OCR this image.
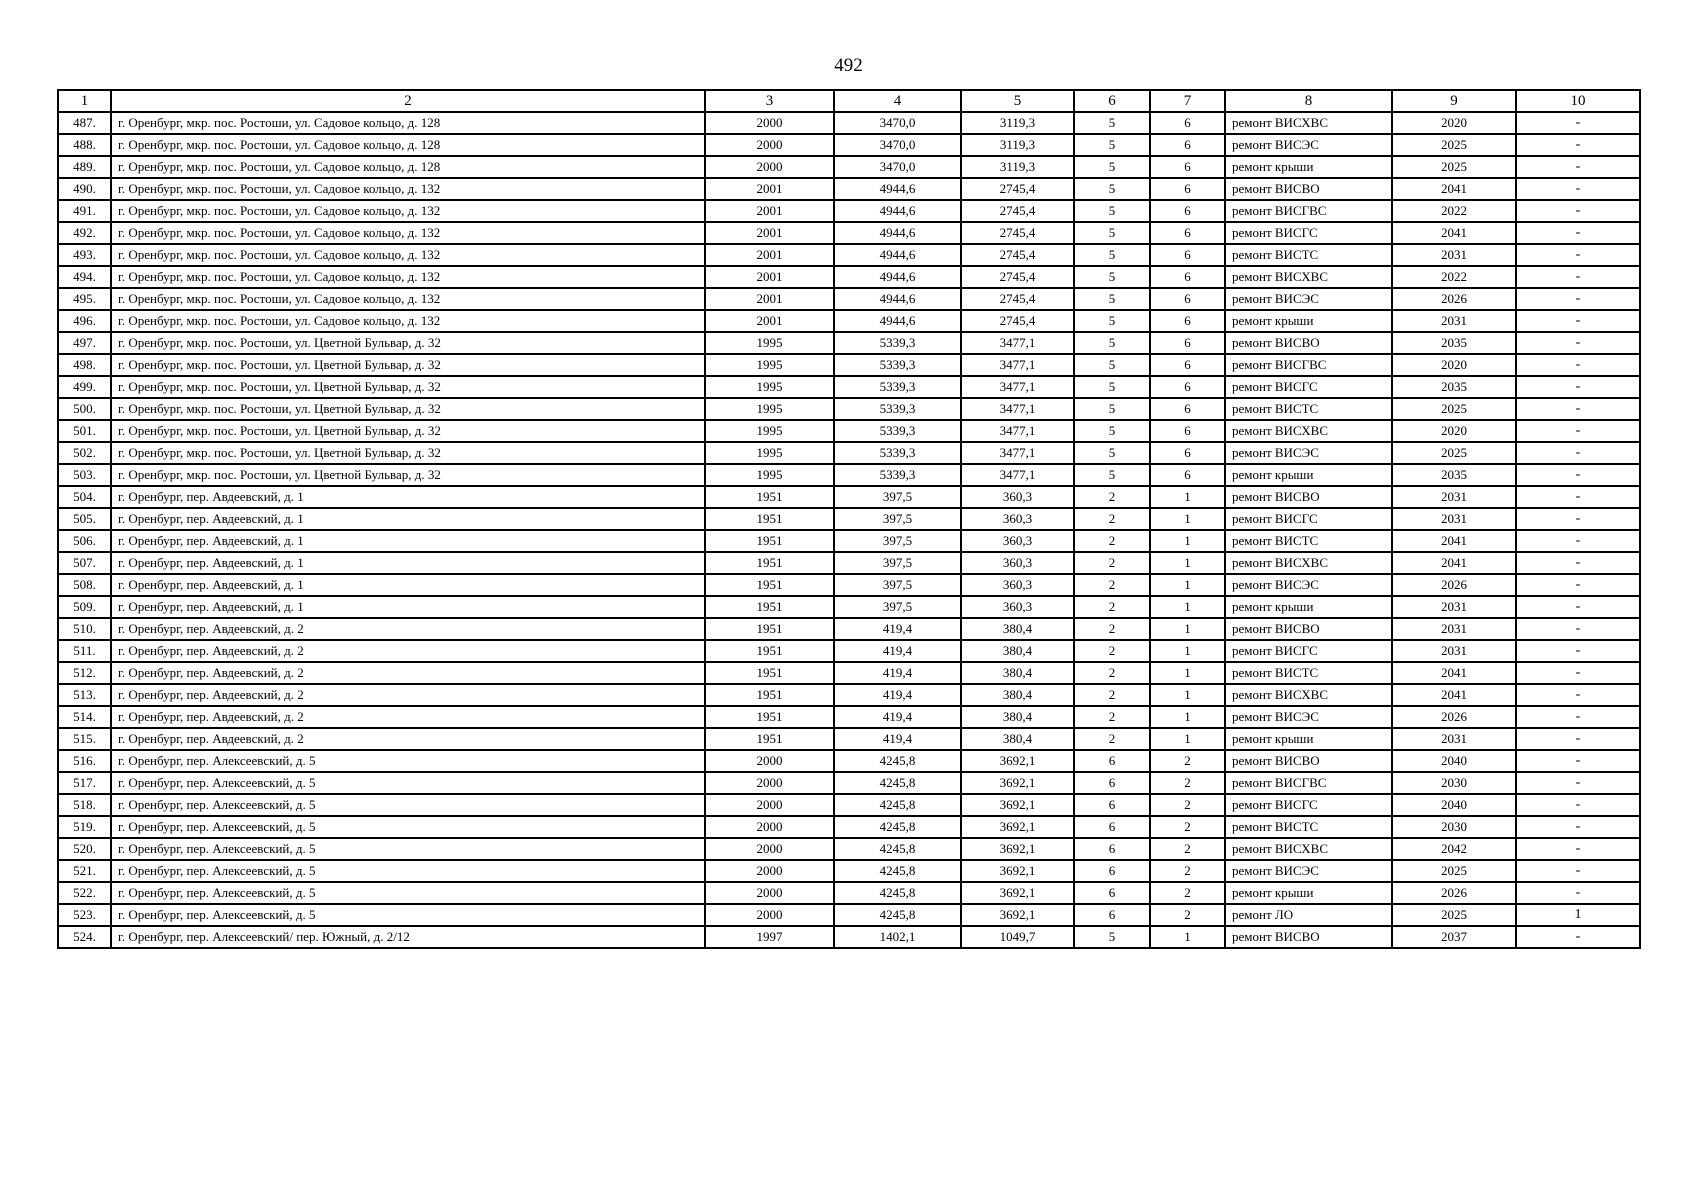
492
1	2	3	4	5	6	7	8	9	10
487.	г. Оренбург, мкр. пос. Ростоши, ул. Садовое кольцо, д. 128	2000	3470,0	3119,3	5	6	ремонт ВИСХВС	2020	-
488.	г. Оренбург, мкр. пос. Ростоши, ул. Садовое кольцо, д. 128	2000	3470,0	3119,3	5	6	ремонт ВИСЭС	2025	-
489.	г. Оренбург, мкр. пос. Ростоши, ул. Садовое кольцо, д. 128	2000	3470,0	3119,3	5	6	ремонт крыши	2025	-
490.	г. Оренбург, мкр. пос. Ростоши, ул. Садовое кольцо, д. 132	2001	4944,6	2745,4	5	6	ремонт ВИСВО	2041	-
491.	г. Оренбург, мкр. пос. Ростоши, ул. Садовое кольцо, д. 132	2001	4944,6	2745,4	5	6	ремонт ВИСГВС	2022	-
492.	г. Оренбург, мкр. пос. Ростоши, ул. Садовое кольцо, д. 132	2001	4944,6	2745,4	5	6	ремонт ВИСГС	2041	-
493.	г. Оренбург, мкр. пос. Ростоши, ул. Садовое кольцо, д. 132	2001	4944,6	2745,4	5	6	ремонт ВИСТС	2031	-
494.	г. Оренбург, мкр. пос. Ростоши, ул. Садовое кольцо, д. 132	2001	4944,6	2745,4	5	6	ремонт ВИСХВС	2022	-
495.	г. Оренбург, мкр. пос. Ростоши, ул. Садовое кольцо, д. 132	2001	4944,6	2745,4	5	6	ремонт ВИСЭС	2026	-
496.	г. Оренбург, мкр. пос. Ростоши, ул. Садовое кольцо, д. 132	2001	4944,6	2745,4	5	6	ремонт крыши	2031	-
497.	г. Оренбург, мкр. пос. Ростоши, ул. Цветной Бульвар, д. 32	1995	5339,3	3477,1	5	6	ремонт ВИСВО	2035	-
498.	г. Оренбург, мкр. пос. Ростоши, ул. Цветной Бульвар, д. 32	1995	5339,3	3477,1	5	6	ремонт ВИСГВС	2020	-
499.	г. Оренбург, мкр. пос. Ростоши, ул. Цветной Бульвар, д. 32	1995	5339,3	3477,1	5	6	ремонт ВИСГС	2035	-
500.	г. Оренбург, мкр. пос. Ростоши, ул. Цветной Бульвар, д. 32	1995	5339,3	3477,1	5	6	ремонт ВИСТС	2025	-
501.	г. Оренбург, мкр. пос. Ростоши, ул. Цветной Бульвар, д. 32	1995	5339,3	3477,1	5	6	ремонт ВИСХВС	2020	-
502.	г. Оренбург, мкр. пос. Ростоши, ул. Цветной Бульвар, д. 32	1995	5339,3	3477,1	5	6	ремонт ВИСЭС	2025	-
503.	г. Оренбург, мкр. пос. Ростоши, ул. Цветной Бульвар, д. 32	1995	5339,3	3477,1	5	6	ремонт крыши	2035	-
504.	г. Оренбург, пер. Авдеевский, д. 1	1951	397,5	360,3	2	1	ремонт ВИСВО	2031	-
505.	г. Оренбург, пер. Авдеевский, д. 1	1951	397,5	360,3	2	1	ремонт ВИСГС	2031	-
506.	г. Оренбург, пер. Авдеевский, д. 1	1951	397,5	360,3	2	1	ремонт ВИСТС	2041	-
507.	г. Оренбург, пер. Авдеевский, д. 1	1951	397,5	360,3	2	1	ремонт ВИСХВС	2041	-
508.	г. Оренбург, пер. Авдеевский, д. 1	1951	397,5	360,3	2	1	ремонт ВИСЭС	2026	-
509.	г. Оренбург, пер. Авдеевский, д. 1	1951	397,5	360,3	2	1	ремонт крыши	2031	-
510.	г. Оренбург, пер. Авдеевский, д. 2	1951	419,4	380,4	2	1	ремонт ВИСВО	2031	-
511.	г. Оренбург, пер. Авдеевский, д. 2	1951	419,4	380,4	2	1	ремонт ВИСГС	2031	-
512.	г. Оренбург, пер. Авдеевский, д. 2	1951	419,4	380,4	2	1	ремонт ВИСТС	2041	-
513.	г. Оренбург, пер. Авдеевский, д. 2	1951	419,4	380,4	2	1	ремонт ВИСХВС	2041	-
514.	г. Оренбург, пер. Авдеевский, д. 2	1951	419,4	380,4	2	1	ремонт ВИСЭС	2026	-
515.	г. Оренбург, пер. Авдеевский, д. 2	1951	419,4	380,4	2	1	ремонт крыши	2031	-
516.	г. Оренбург, пер. Алексеевский, д. 5	2000	4245,8	3692,1	6	2	ремонт ВИСВО	2040	-
517.	г. Оренбург, пер. Алексеевский, д. 5	2000	4245,8	3692,1	6	2	ремонт ВИСГВС	2030	-
518.	г. Оренбург, пер. Алексеевский, д. 5	2000	4245,8	3692,1	6	2	ремонт ВИСГС	2040	-
519.	г. Оренбург, пер. Алексеевский, д. 5	2000	4245,8	3692,1	6	2	ремонт ВИСТС	2030	-
520.	г. Оренбург, пер. Алексеевский, д. 5	2000	4245,8	3692,1	6	2	ремонт ВИСХВС	2042	-
521.	г. Оренбург, пер. Алексеевский, д. 5	2000	4245,8	3692,1	6	2	ремонт ВИСЭС	2025	-
522.	г. Оренбург, пер. Алексеевский, д. 5	2000	4245,8	3692,1	6	2	ремонт крыши	2026	-
523.	г. Оренбург, пер. Алексеевский, д. 5	2000	4245,8	3692,1	6	2	ремонт ЛО	2025	1
524.	г. Оренбург, пер. Алексеевский/ пер. Южный, д. 2/12	1997	1402,1	1049,7	5	1	ремонт ВИСВО	2037	-
